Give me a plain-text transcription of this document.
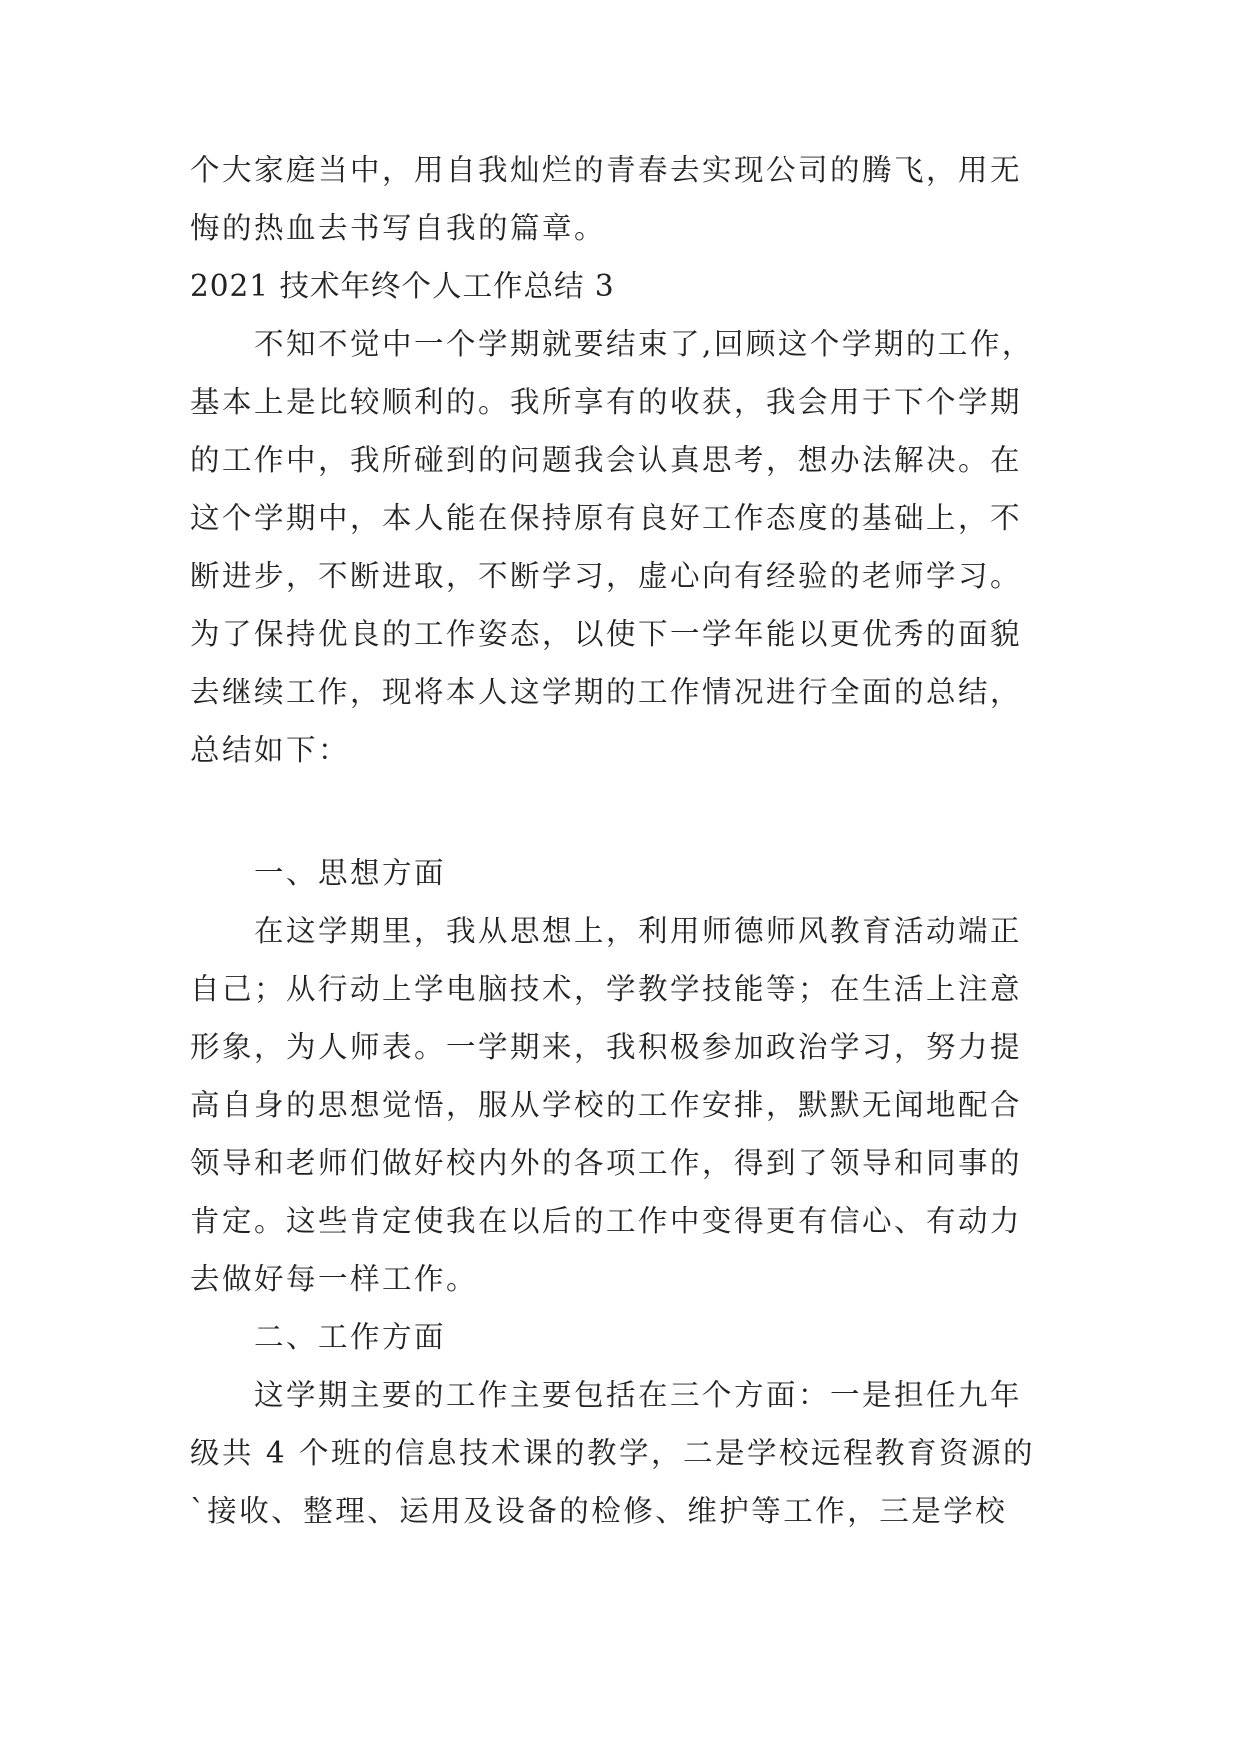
个大家庭当中，用自我灿烂的青春去实现公司的腾飞，用无
悔的热血去书写自我的篇章。
2021 技术年终个人工作总结 3
　　不知不觉中一个学期就要结束了,回顾这个学期的工作，
基本上是比较顺利的。我所享有的收获，我会用于下个学期
的工作中，我所碰到的问题我会认真思考，想办法解决。在
这个学期中，本人能在保持原有良好工作态度的基础上，不
断进步，不断进取，不断学习，虚心向有经验的老师学习。
为了保持优良的工作姿态，以使下一学年能以更优秀的面貌
去继续工作，现将本人这学期的工作情况进行全面的总结，
总结如下：
　　一、思想方面
　　在这学期里，我从思想上，利用师德师风教育活动端正
自己；从行动上学电脑技术，学教学技能等；在生活上注意
形象，为人师表。一学期来，我积极参加政治学习，努力提
高自身的思想觉悟，服从学校的工作安排，默默无闻地配合
领导和老师们做好校内外的各项工作，得到了领导和同事的
肯定。这些肯定使我在以后的工作中变得更有信心、有动力
去做好每一样工作。
　　二、工作方面
　　这学期主要的工作主要包括在三个方面：一是担任九年
级共 4 个班的信息技术课的教学，二是学校远程教育资源的
`接收、整理、运用及设备的检修、维护等工作，三是学校
